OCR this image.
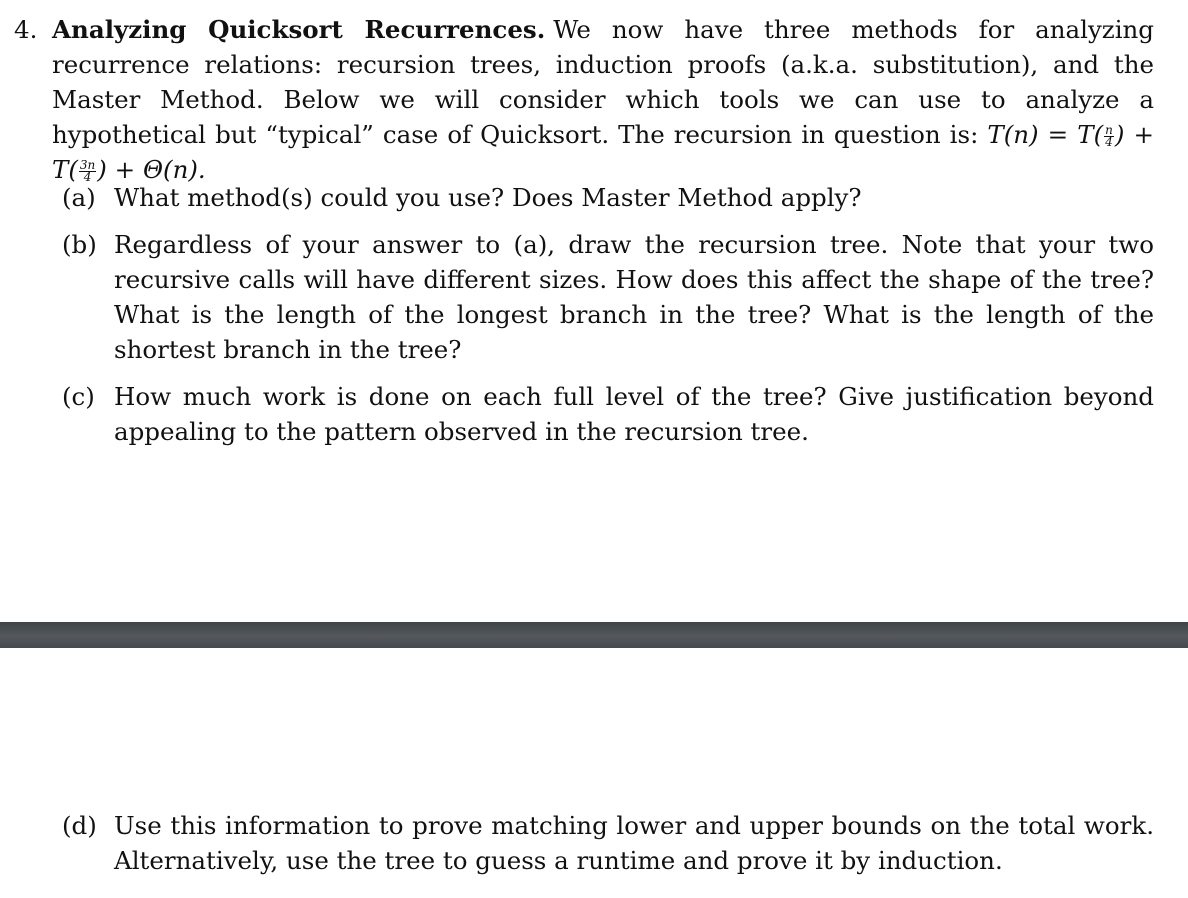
4. Analyzing Quicksort Recurrences. We now have three methods for analyzing recurrence relations: recursion trees, induction proofs (a.k.a. substitution), and the Master Method. Below we will consider which tools we can use to analyze a hypothetical but “typical” case of Quicksort. The recursion in question is: $T(n) = T( \frac{n}{4}$ ) + $T( \frac{3n}{4}$ ) + Θ(n).
(a) What method(s) could you use? Does Master Method apply?
(b) Regardless of your answer to (a), draw the recursion tree. Note that your two recursive calls will have different sizes. How does this affect the shape of the tree? What is the length of the longest branch in the tree? What is the length of the shortest branch in the tree?
(c) How much work is done on each full level of the tree? Give justification beyond appealing to the pattern observed in the recursion tree.
(d) Use this information to prove matching lower and upper bounds on the total work. Alternatively, use the tree to guess a runtime and prove it by induction.
